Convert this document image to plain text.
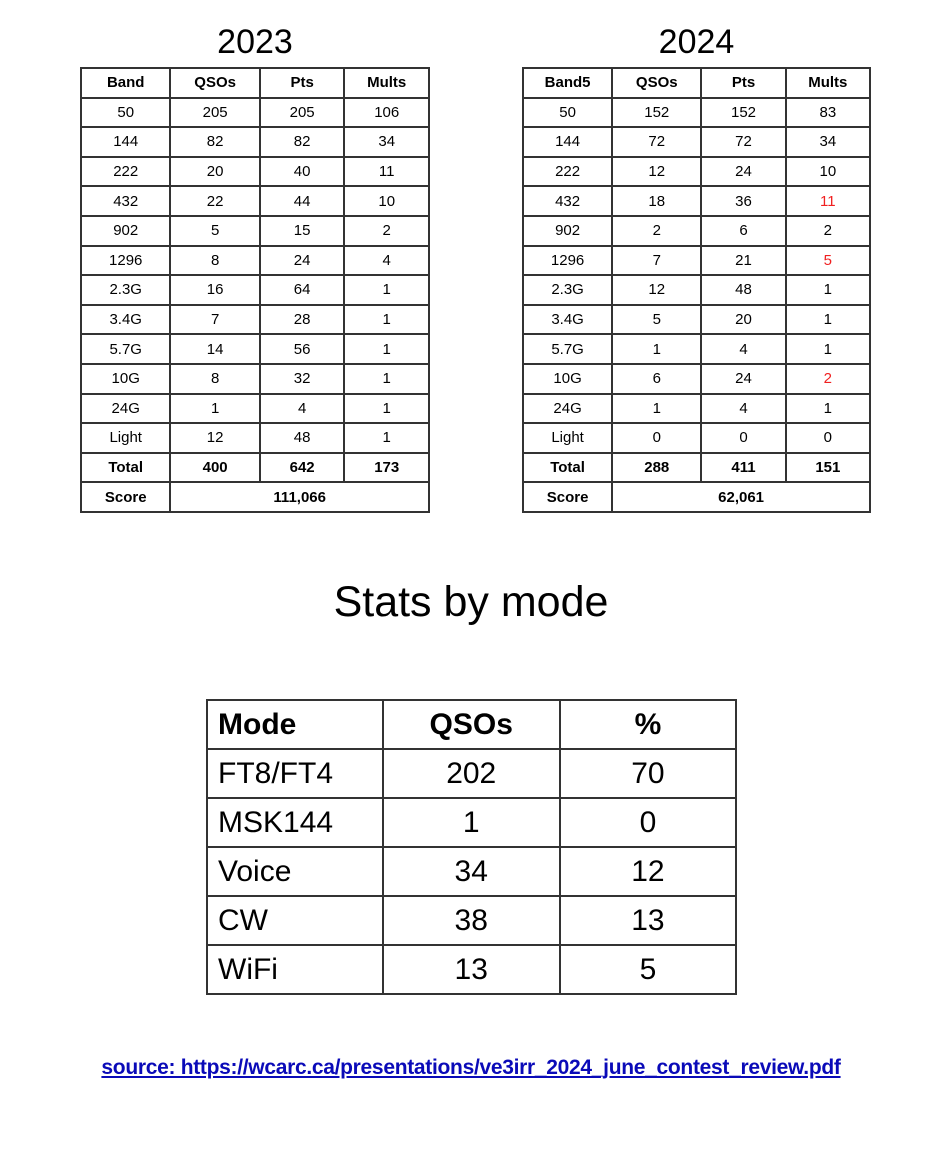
2023
Band	QSOs	Pts	Mults
50	205	205	106
144	82	82	34
222	20	40	11
432	22	44	10
902	5	15	2
1296	8	24	4
2.3G	16	64	1
3.4G	7	28	1
5.7G	14	56	1
10G	8	32	1
24G	1	4	1
Light	12	48	1
Total	400	642	173
Score	111,066		
2024
Band5	QSOs	Pts	Mults
50	152	152	83
144	72	72	34
222	12	24	10
432	18	36	11
902	2	6	2
1296	7	21	5
2.3G	12	48	1
3.4G	5	20	1
5.7G	1	4	1
10G	6	24	2
24G	1	4	1
Light	0	0	0
Total	288	411	151
Score	62,061		
Stats by mode
Mode	QSOs	%
FT8/FT4	202	70
MSK144	1	0
Voice	34	12
CW	38	13
WiFi	13	5
source: https://wcarc.ca/presentations/ve3irr_2024_june_contest_review.pdf
